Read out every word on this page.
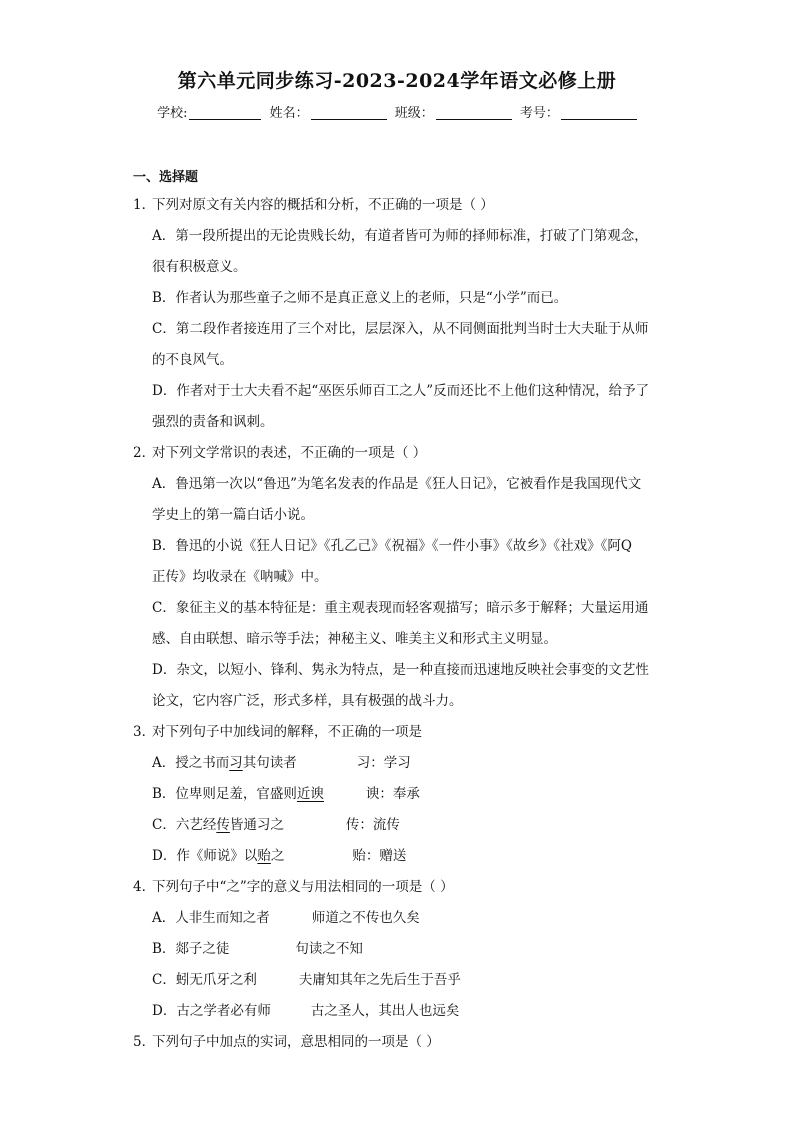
第六单元同步练习-2023-2024学年语文必修上册
学校:	姓名：	班级：	考号：
一、选择题
1．下列对原文有关内容的概括和分析，不正确的一项是（ ）
A．第一段所提出的无论贵贱长幼，有道者皆可为师的择师标准，打破了门第观念，
很有积极意义。
B．作者认为那些童子之师不是真正意义上的老师，只是“小学”而已。
C．第二段作者接连用了三个对比，层层深入，从不同侧面批判当时士大夫耻于从师
的不良风气。
D．作者对于士大夫看不起“巫医乐师百工之人”反而还比不上他们这种情况，给予了
强烈的责备和讽刺。
2．对下列文学常识的表述，不正确的一项是（ ）
A．鲁迅第一次以“鲁迅”为笔名发表的作品是《狂人日记》，它被看作是我国现代文
学史上的第一篇白话小说。
B．鲁迅的小说《狂人日记》《孔乙己》《祝福》《一件小事》《故乡》《社戏》《阿Q
正传》均收录在《呐喊》中。
C．象征主义的基本特征是：重主观表现而轻客观描写；暗示多于解释；大量运用通
感、自由联想、暗示等手法；神秘主义、唯美主义和形式主义明显。
D．杂文，以短小、锋利、隽永为特点，是一种直接而迅速地反映社会事变的文艺性
论文，它内容广泛，形式多样，具有极强的战斗力。
3．对下列句子中加线词的解释，不正确的一项是
A．授之书而习其句读者	习：学习
B．位卑则足羞，官盛则近谀	谀：奉承
C．六艺经传皆通习之	传：流传
D．作《师说》以贻之	贻：赠送
4．下列句子中“之”字的意义与用法相同的一项是（ ）
A．人非生而知之者	师道之不传也久矣
B．郯子之徒	句读之不知
C．蚓无爪牙之利	夫庸知其年之先后生于吾乎
D．古之学者必有师	古之圣人，其出人也远矣
5．下列句子中加点的实词，意思相同的一项是（ ）
